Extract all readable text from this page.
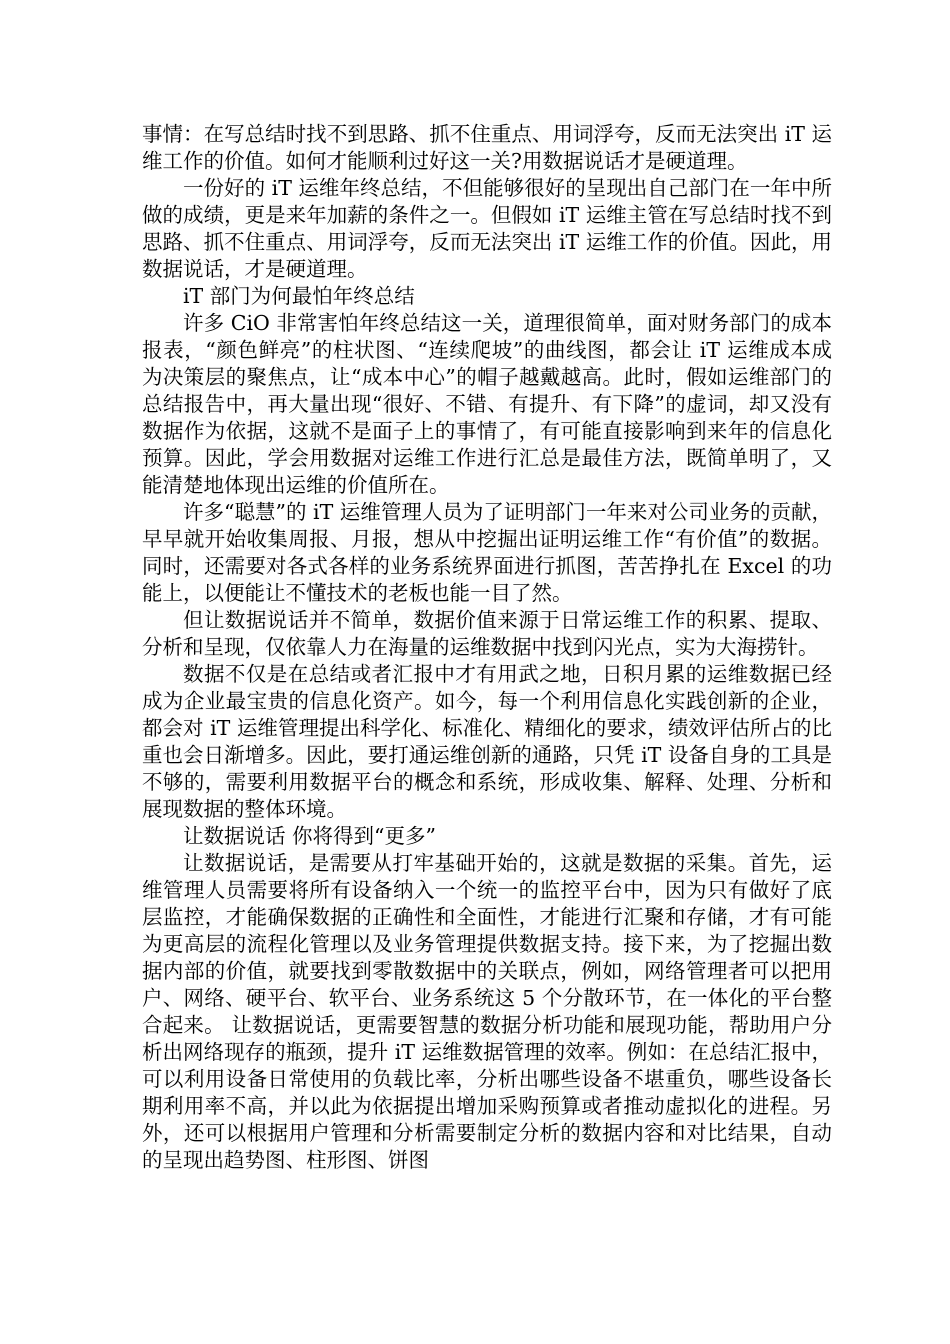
事情：在写总结时找不到思路、抓不住重点、用词浮夸，反而无法突出 iT 运维工作的价值。如何才能顺利过好这一关?用数据说话才是硬道理。

一份好的 iT 运维年终总结，不但能够很好的呈现出自己部门在一年中所做的成绩，更是来年加薪的条件之一。但假如 iT 运维主管在写总结时找不到思路、抓不住重点、用词浮夸，反而无法突出 iT 运维工作的价值。因此，用数据说话，才是硬道理。

iT 部门为何最怕年终总结

许多 CiO 非常害怕年终总结这一关，道理很简单，面对财务部门的成本报表，“颜色鲜亮”的柱状图、“连续爬坡”的曲线图，都会让 iT 运维成本成为决策层的聚焦点，让“成本中心”的帽子越戴越高。此时，假如运维部门的总结报告中，再大量出现“很好、不错、有提升、有下降”的虚词，却又没有数据作为依据，这就不是面子上的事情了，有可能直接影响到来年的信息化预算。因此，学会用数据对运维工作进行汇总是最佳方法，既简单明了，又能清楚地体现出运维的价值所在。

许多“聪慧”的 iT 运维管理人员为了证明部门一年来对公司业务的贡献，早早就开始收集周报、月报，想从中挖掘出证明运维工作“有价值”的数据。同时，还需要对各式各样的业务系统界面进行抓图，苦苦挣扎在 Excel 的功能上，以便能让不懂技术的老板也能一目了然。

但让数据说话并不简单，数据价值来源于日常运维工作的积累、提取、分析和呈现，仅依靠人力在海量的运维数据中找到闪光点，实为大海捞针。

数据不仅是在总结或者汇报中才有用武之地，日积月累的运维数据已经成为企业最宝贵的信息化资产。如今，每一个利用信息化实践创新的企业，都会对 iT 运维管理提出科学化、标准化、精细化的要求，绩效评估所占的比重也会日渐增多。因此，要打通运维创新的通路，只凭 iT 设备自身的工具是不够的，需要利用数据平台的概念和系统，形成收集、解释、处理、分析和展现数据的整体环境。

让数据说话 你将得到“更多”

让数据说话，是需要从打牢基础开始的，这就是数据的采集。首先，运维管理人员需要将所有设备纳入一个统一的监控平台中，因为只有做好了底层监控，才能确保数据的正确性和全面性，才能进行汇聚和存储，才有可能为更高层的流程化管理以及业务管理提供数据支持。接下来，为了挖掘出数据内部的价值，就要找到零散数据中的关联点，例如，网络管理者可以把用户、网络、硬平台、软平台、业务系统这 5 个分散环节，在一体化的平台整合起来。 让数据说话，更需要智慧的数据分析功能和展现功能，帮助用户分析出网络现存的瓶颈，提升 iT 运维数据管理的效率。例如：在总结汇报中，可以利用设备日常使用的负载比率，分析出哪些设备不堪重负，哪些设备长期利用率不高，并以此为依据提出增加采购预算或者推动虚拟化的进程。另外，还可以根据用户管理和分析需要制定分析的数据内容和对比结果，自动的呈现出趋势图、柱形图、饼图
